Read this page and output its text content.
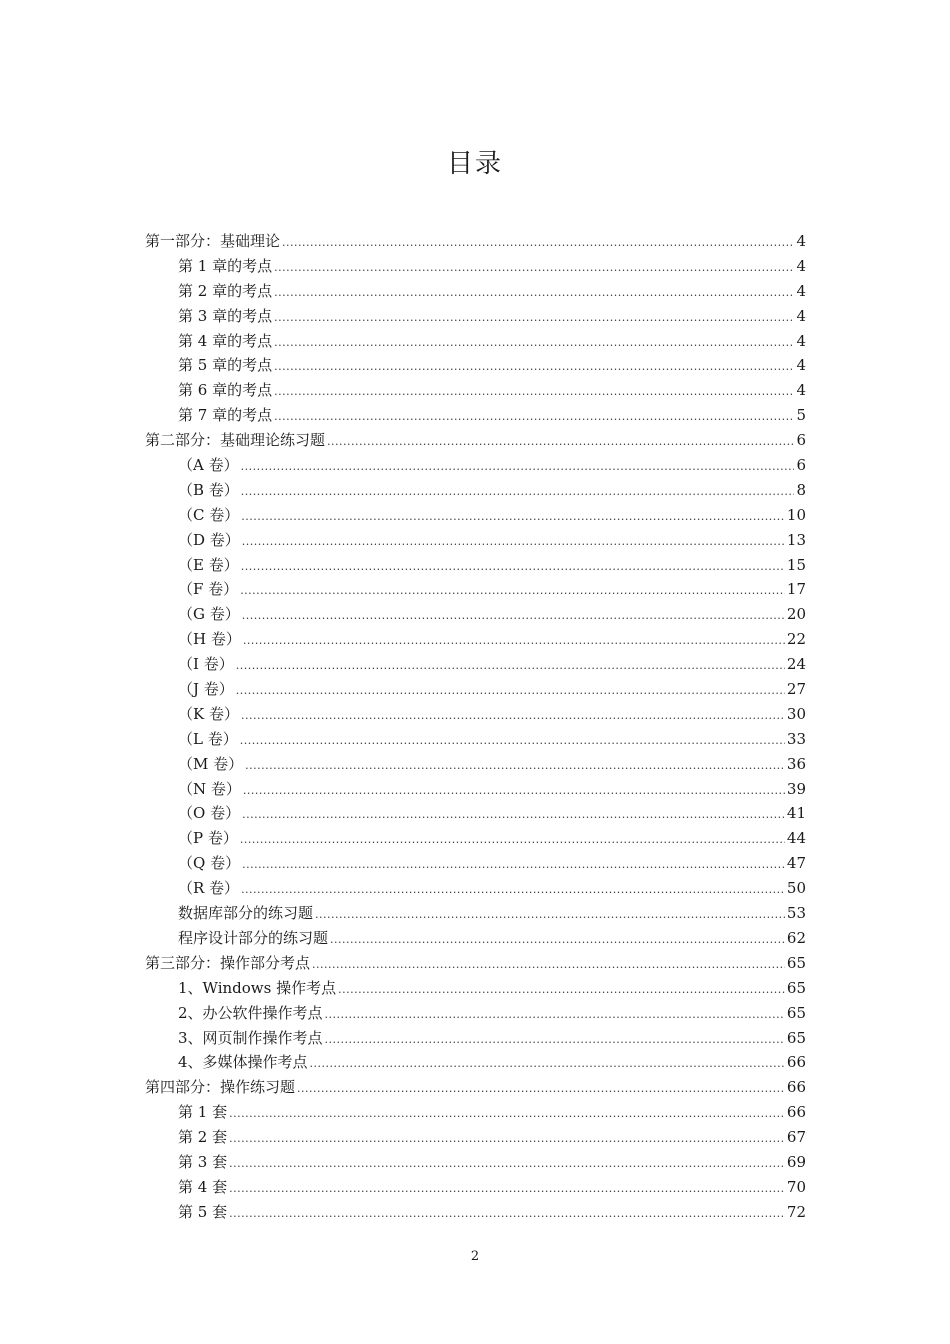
目录
第一部分：基础理论 .....	4
第 1 章的考点 .....	4
第 2 章的考点 .....	4
第 3 章的考点 .....	4
第 4 章的考点 .....	4
第 5 章的考点 .....	4
第 6 章的考点 .....	4
第 7 章的考点 .....	5
第二部分：基础理论练习题 .....	6
（A 卷） .....	6
（B 卷） .....	8
（C 卷） .....	10
（D 卷） .....	13
（E 卷） .....	15
（F 卷） .....	17
（G 卷） .....	20
（H 卷） .....	22
（I 卷） .....	24
（J 卷） .....	27
（K 卷） .....	30
（L 卷） .....	33
（M 卷） .....	36
（N 卷） .....	39
（O 卷） .....	41
（P 卷） .....	44
（Q 卷） .....	47
（R 卷） .....	50
数据库部分的练习题 .....	53
程序设计部分的练习题 .....	62
第三部分：操作部分考点 .....	65
1、Windows 操作考点 .....	65
2、办公软件操作考点 .....	65
3、网页制作操作考点 .....	65
4、多媒体操作考点 .....	66
第四部分：操作练习题 .....	66
第 1 套 .....	66
第 2 套 .....	67
第 3 套 .....	69
第 4 套 .....	70
第 5 套 .....	72
2
